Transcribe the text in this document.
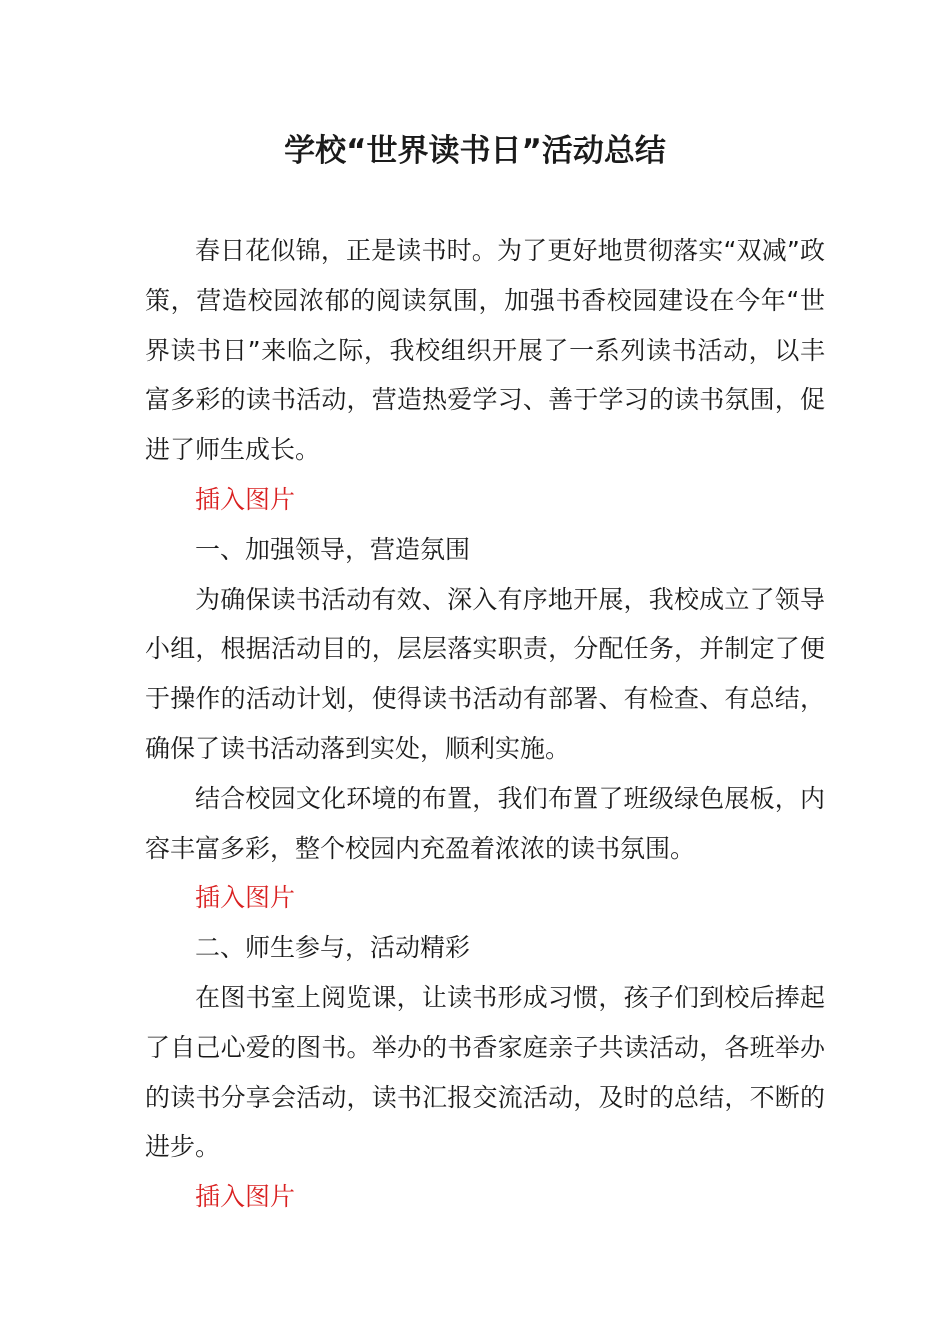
学校“世界读书日”活动总结

春日花似锦，正是读书时。为了更好地贯彻落实“双减”政策，营造校园浓郁的阅读氛围，加强书香校园建设在今年“世界读书日”来临之际，我校组织开展了一系列读书活动，以丰富多彩的读书活动，营造热爱学习、善于学习的读书氛围，促进了师生成长。

插入图片

一、加强领导，营造氛围

为确保读书活动有效、深入有序地开展，我校成立了领导小组，根据活动目的，层层落实职责，分配任务，并制定了便于操作的活动计划，使得读书活动有部署、有检查、有总结，确保了读书活动落到实处，顺利实施。

结合校园文化环境的布置，我们布置了班级绿色展板，内容丰富多彩，整个校园内充盈着浓浓的读书氛围。

插入图片

二、师生参与，活动精彩

在图书室上阅览课，让读书形成习惯，孩子们到校后捧起了自己心爱的图书。举办的书香家庭亲子共读活动，各班举办的读书分享会活动，读书汇报交流活动，及时的总结，不断的进步。

插入图片
